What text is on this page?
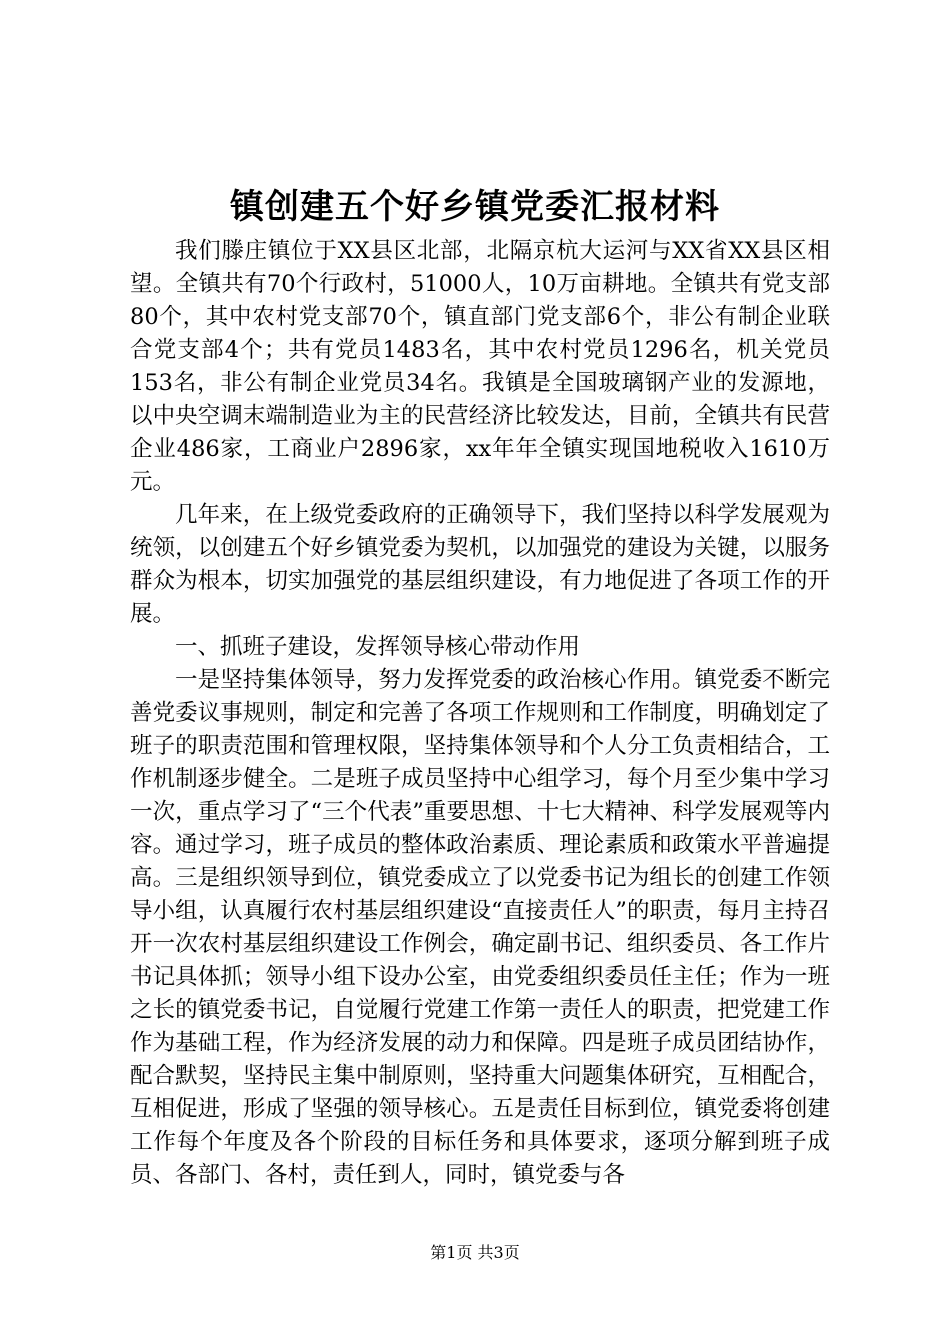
镇创建五个好乡镇党委汇报材料

我们滕庄镇位于XX县区北部，北隔京杭大运河与XX省XX县区相望。全镇共有70个行政村，51000人，10万亩耕地。全镇共有党支部80个，其中农村党支部70个，镇直部门党支部6个，非公有制企业联合党支部4个；共有党员1483名，其中农村党员1296名，机关党员153名，非公有制企业党员34名。我镇是全国玻璃钢产业的发源地，以中央空调末端制造业为主的民营经济比较发达，目前，全镇共有民营企业486家，工商业户2896家，xx年年全镇实现国地税收入1610万元。

几年来，在上级党委政府的正确领导下，我们坚持以科学发展观为统领，以创建五个好乡镇党委为契机，以加强党的建设为关键，以服务群众为根本，切实加强党的基层组织建设，有力地促进了各项工作的开展。

一、抓班子建设，发挥领导核心带动作用

一是坚持集体领导，努力发挥党委的政治核心作用。镇党委不断完善党委议事规则，制定和完善了各项工作规则和工作制度，明确划定了班子的职责范围和管理权限，坚持集体领导和个人分工负责相结合，工作机制逐步健全。二是班子成员坚持中心组学习，每个月至少集中学习一次，重点学习了“三个代表”重要思想、十七大精神、科学发展观等内容。通过学习，班子成员的整体政治素质、理论素质和政策水平普遍提高。三是组织领导到位，镇党委成立了以党委书记为组长的创建工作领导小组，认真履行农村基层组织建设“直接责任人”的职责，每月主持召开一次农村基层组织建设工作例会，确定副书记、组织委员、各工作片书记具体抓；领导小组下设办公室，由党委组织委员任主任；作为一班之长的镇党委书记，自觉履行党建工作第一责任人的职责，把党建工作作为基础工程，作为经济发展的动力和保障。四是班子成员团结协作，配合默契，坚持民主集中制原则，坚持重大问题集体研究，互相配合，互相促进，形成了坚强的领导核心。五是责任目标到位，镇党委将创建工作每个年度及各个阶段的目标任务和具体要求，逐项分解到班子成员、各部门、各村，责任到人，同时，镇党委与各

第1页 共3页
